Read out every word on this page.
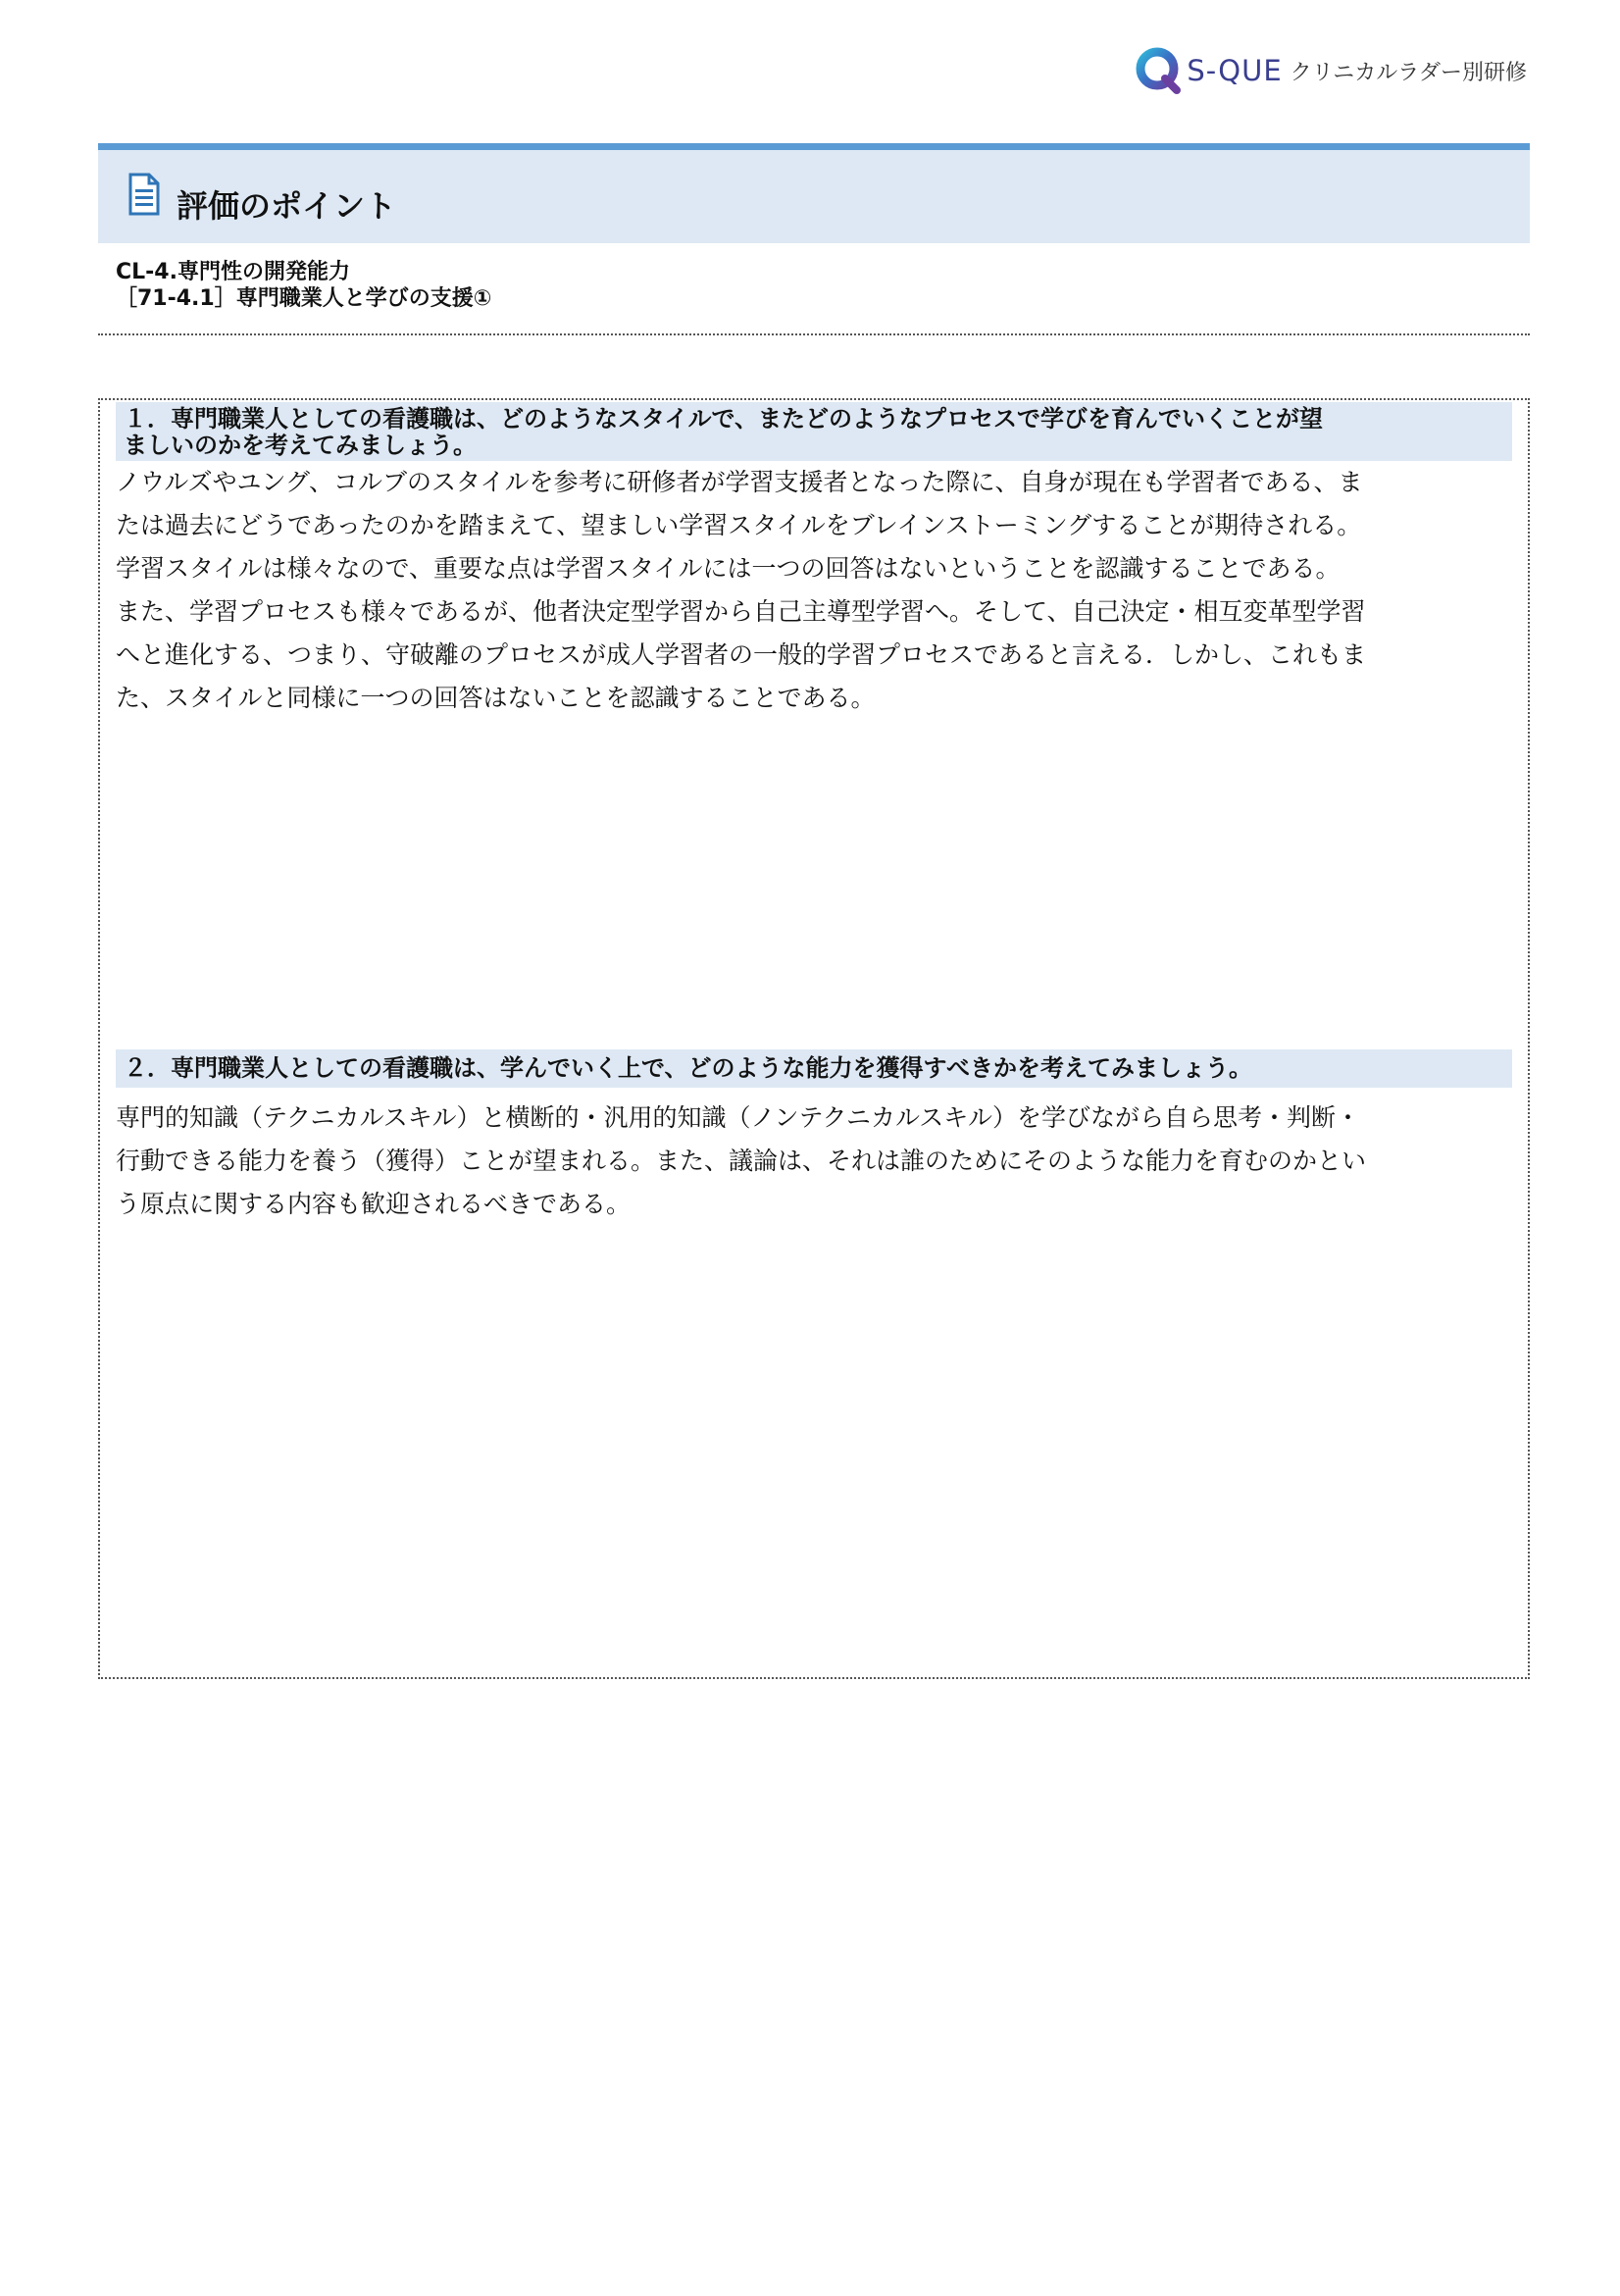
S-QUE クリニカルラダー別研修
評価のポイント
CL-4.専門性の開発能力
［71-4.1］専門職業人と学びの支援①
１．専門職業人としての看護職は、どのようなスタイルで、またどのようなプロセスで学びを育んでいくことが望
ましいのかを考えてみましょう。
ノウルズやユング、コルブのスタイルを参考に研修者が学習支援者となった際に、自身が現在も学習者である、ま
たは過去にどうであったのかを踏まえて、望ましい学習スタイルをブレインストーミングすることが期待される。
学習スタイルは様々なので、重要な点は学習スタイルには一つの回答はないということを認識することである。
また、学習プロセスも様々であるが、他者決定型学習から自己主導型学習へ。そして、自己決定・相互変革型学習
へと進化する、つまり、守破離のプロセスが成人学習者の一般的学習プロセスであると言える．しかし、これもま
た、スタイルと同様に一つの回答はないことを認識することである。
２．専門職業人としての看護職は、学んでいく上で、どのような能力を獲得すべきかを考えてみましょう。
専門的知識（テクニカルスキル）と横断的・汎用的知識（ノンテクニカルスキル）を学びながら自ら思考・判断・
行動できる能力を養う（獲得）ことが望まれる。また、議論は、それは誰のためにそのような能力を育むのかとい
う原点に関する内容も歓迎されるべきである。
